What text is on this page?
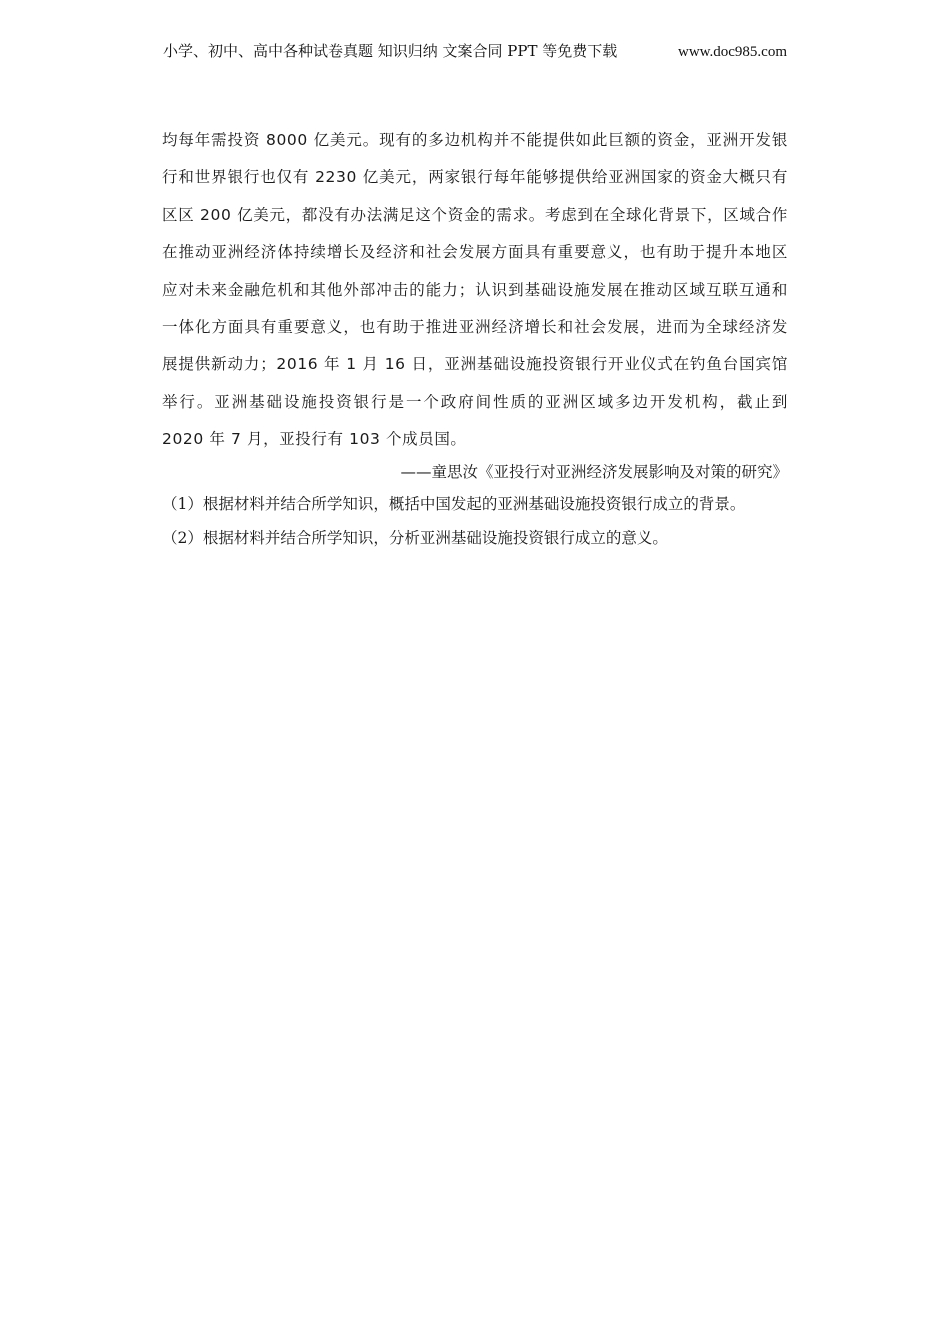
小学、初中、高中各种试卷真题 知识归纳 文案合同 PPT 等免费下载	www.doc985.com

均每年需投资 8000 亿美元。现有的多边机构并不能提供如此巨额的资金，亚洲开发银行和世界银行也仅有 2230 亿美元，两家银行每年能够提供给亚洲国家的资金大概只有区区 200 亿美元，都没有办法满足这个资金的需求。考虑到在全球化背景下，区域合作在推动亚洲经济体持续增长及经济和社会发展方面具有重要意义，也有助于提升本地区应对未来金融危机和其他外部冲击的能力；认识到基础设施发展在推动区域互联互通和一体化方面具有重要意义，也有助于推进亚洲经济增长和社会发展，进而为全球经济发展提供新动力；2016 年 1 月 16 日，亚洲基础设施投资银行开业仪式在钓鱼台国宾馆举行。亚洲基础设施投资银行是一个政府间性质的亚洲区域多边开发机构，截止到 2020 年 7 月，亚投行有 103 个成员国。

——童思汝《亚投行对亚洲经济发展影响及对策的研究》

（1）根据材料并结合所学知识，概括中国发起的亚洲基础设施投资银行成立的背景。

（2）根据材料并结合所学知识，分析亚洲基础设施投资银行成立的意义。
